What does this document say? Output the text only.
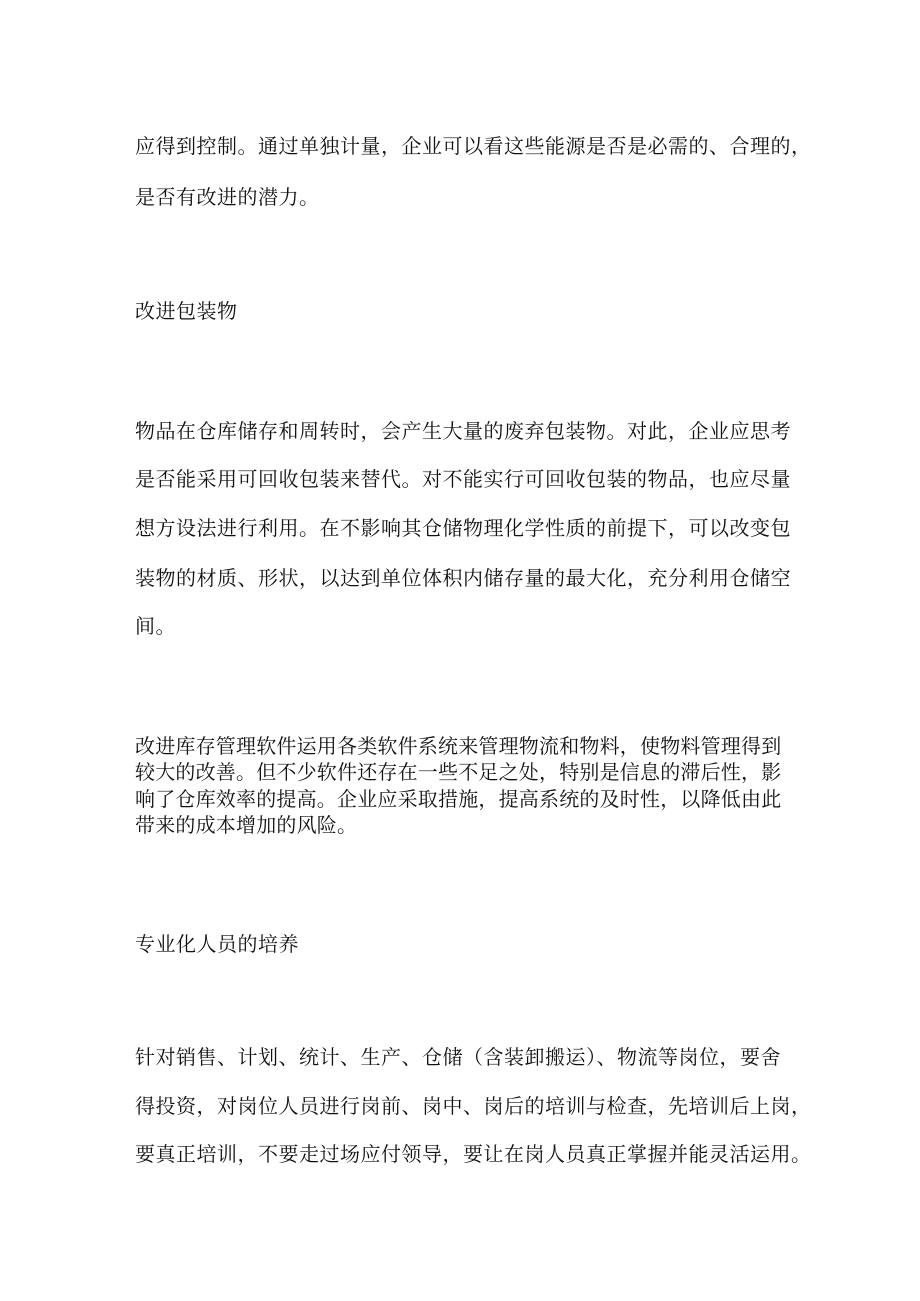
应得到控制。通过单独计量，企业可以看这些能源是否是必需的、合理的，

是否有改进的潜力。

改进包装物

物品在仓库储存和周转时，会产生大量的废弃包装物。对此，企业应思考

是否能采用可回收包装来替代。对不能实行可回收包装的物品，也应尽量

想方设法进行利用。在不影响其仓储物理化学性质的前提下，可以改变包

装物的材质、形状，以达到单位体积内储存量的最大化，充分利用仓储空

间。

改进库存管理软件运用各类软件系统来管理物流和物料，使物料管理得到

较大的改善。但不少软件还存在一些不足之处，特别是信息的滞后性，影

响了仓库效率的提高。企业应采取措施，提高系统的及时性，以降低由此

带来的成本增加的风险。

专业化人员的培养

针对销售、计划、统计、生产、仓储（含装卸搬运）、物流等岗位，要舍

得投资，对岗位人员进行岗前、岗中、岗后的培训与检查，先培训后上岗，

要真正培训，不要走过场应付领导，要让在岗人员真正掌握并能灵活运用。
